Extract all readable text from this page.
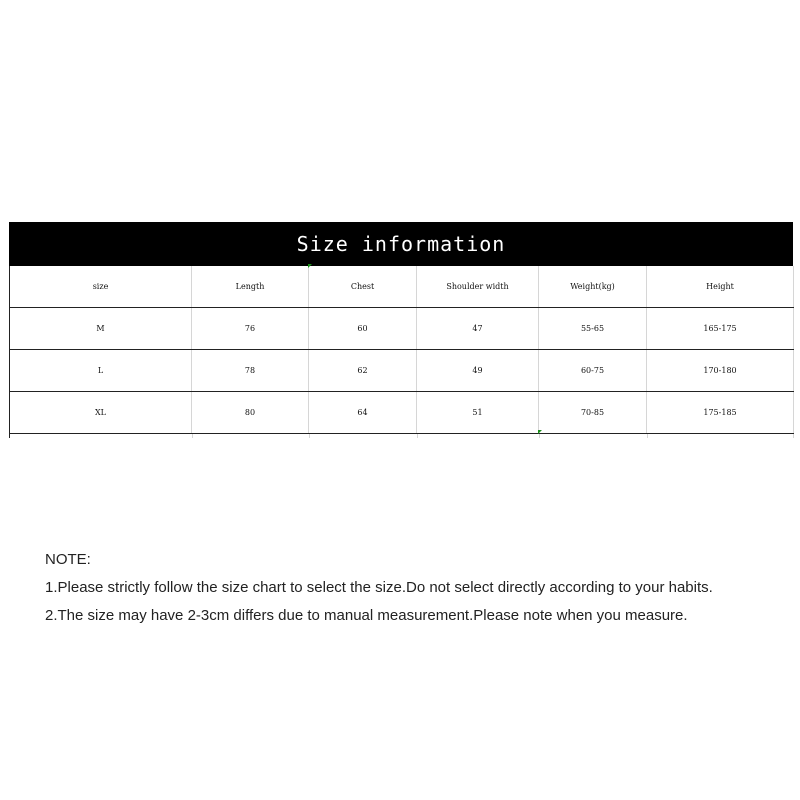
Size information
size	Length	Chest	Shoulder width	Weight(kg)	Height
M	76	60	47	55-65	165-175
L	78	62	49	60-75	170-180
XL	80	64	51	70-85	175-185
NOTE:
1.Please strictly follow the size chart to select the size.Do not select directly according to your habits.
2.The size may have 2-3cm differs due to manual measurement.Please note when you measure.
